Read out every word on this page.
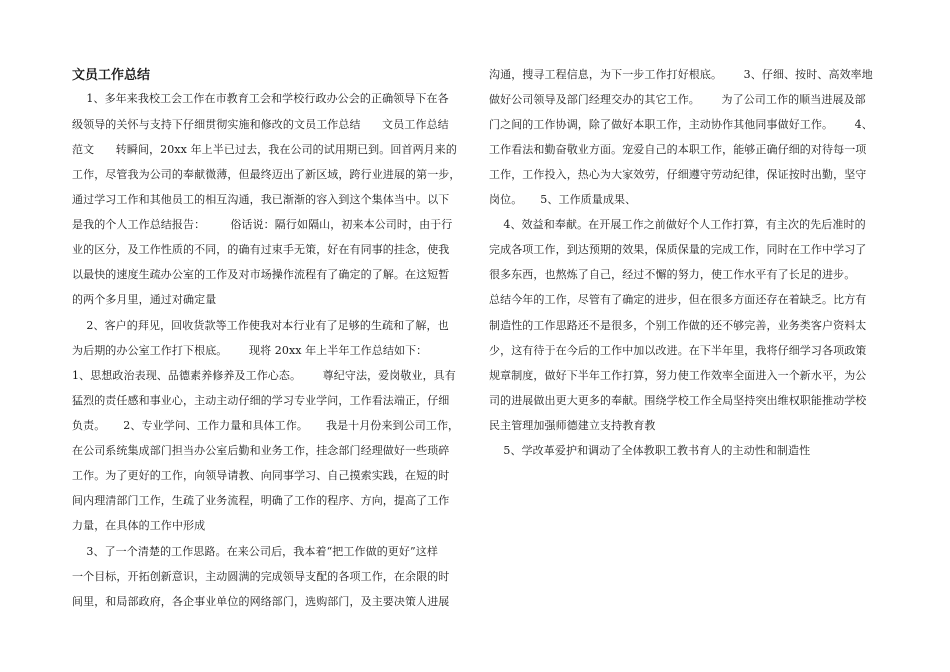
文员工作总结
1、多年来我校工会工作在市教育工会和学校行政办公会的正确领导下在各
级领导的关怀与支持下仔细贯彻实施和修改的文员工作总结      文员工作总结
范文      转瞬间，20xx 年上半已过去，我在公司的试用期已到。回首两月来的
工作，尽管我为公司的奉献微薄，但最终迈出了新区域，跨行业进展的第一步，
通过学习工作和其他员工的相互沟通，我已渐渐的容入到这个集体当中。以下
是我的个人工作总结报告：       俗话说：隔行如隔山，初来本公司时，由于行
业的区分，及工作性质的不同，的确有过束手无策，好在有同事的挂念，使我
以最快的速度生疏办公室的工作及对市场操作流程有了确定的了解。在这短暂
的两个多月里，通过对确定量
2、客户的拜见，回收货款等工作使我对本行业有了足够的生疏和了解，也
为后期的办公室工作打下根底。      现将 20xx 年上半年工作总结如下：
1、思想政治表现、品德素养修养及工作心态。      尊纪守法，爱岗敬业，具有
猛烈的责任感和事业心，主动主动仔细的学习专业学问，工作看法端正，仔细
负责。     2、专业学问、工作力量和具体工作。     我是十月份来到公司工作，
在公司系统集成部门担当办公室后勤和业务工作，挂念部门经理做好一些琐碎
工作。为了更好的工作，向领导请教、向同事学习、自己摸索实践，在短的时
间内理清部门工作，生疏了业务流程，明确了工作的程序、方向，提高了工作
力量，在具体的工作中形成
3、了一个清楚的工作思路。在来公司后，我本着“把工作做的更好”这样
一个目标，开拓创新意识，主动圆满的完成领导支配的各项工作，在余限的时
间里，和局部政府，各企事业单位的网络部门，选购部门，及主要决策人进展
沟通，搜寻工程信息，为下一步工作打好根底。      3、仔细、按时、高效率地
做好公司领导及部门经理交办的其它工作。      为了公司工作的顺当进展及部
门之间的工作协调，除了做好本职工作，主动协作其他同事做好工作。      4、
工作看法和勤奋敬业方面。宠爱自己的本职工作，能够正确仔细的对待每一项
工作，工作投入，热心为大家效劳，仔细遵守劳动纪律，保证按时出勤，坚守
岗位。     5、工作质量成果、
4、效益和奉献。在开展工作之前做好个人工作打算，有主次的先后准时的
完成各项工作，到达预期的效果，保质保量的完成工作，同时在工作中学习了
很多东西，也熬炼了自己，经过不懈的努力，使工作水平有了长足的进步。
总结今年的工作，尽管有了确定的进步，但在很多方面还存在着缺乏。比方有
制造性的工作思路还不是很多，个别工作做的还不够完善，业务类客户资料太
少，这有待于在今后的工作中加以改进。在下半年里，我将仔细学习各项政策
规章制度，做好下半年工作打算，努力使工作效率全面进入一个新水平，为公
司的进展做出更大更多的奉献。围绕学校工作全局坚持突出维权职能推动学校
民主管理加强师德建立支持教育教
5、学改革爱护和调动了全体教职工教书育人的主动性和制造性
